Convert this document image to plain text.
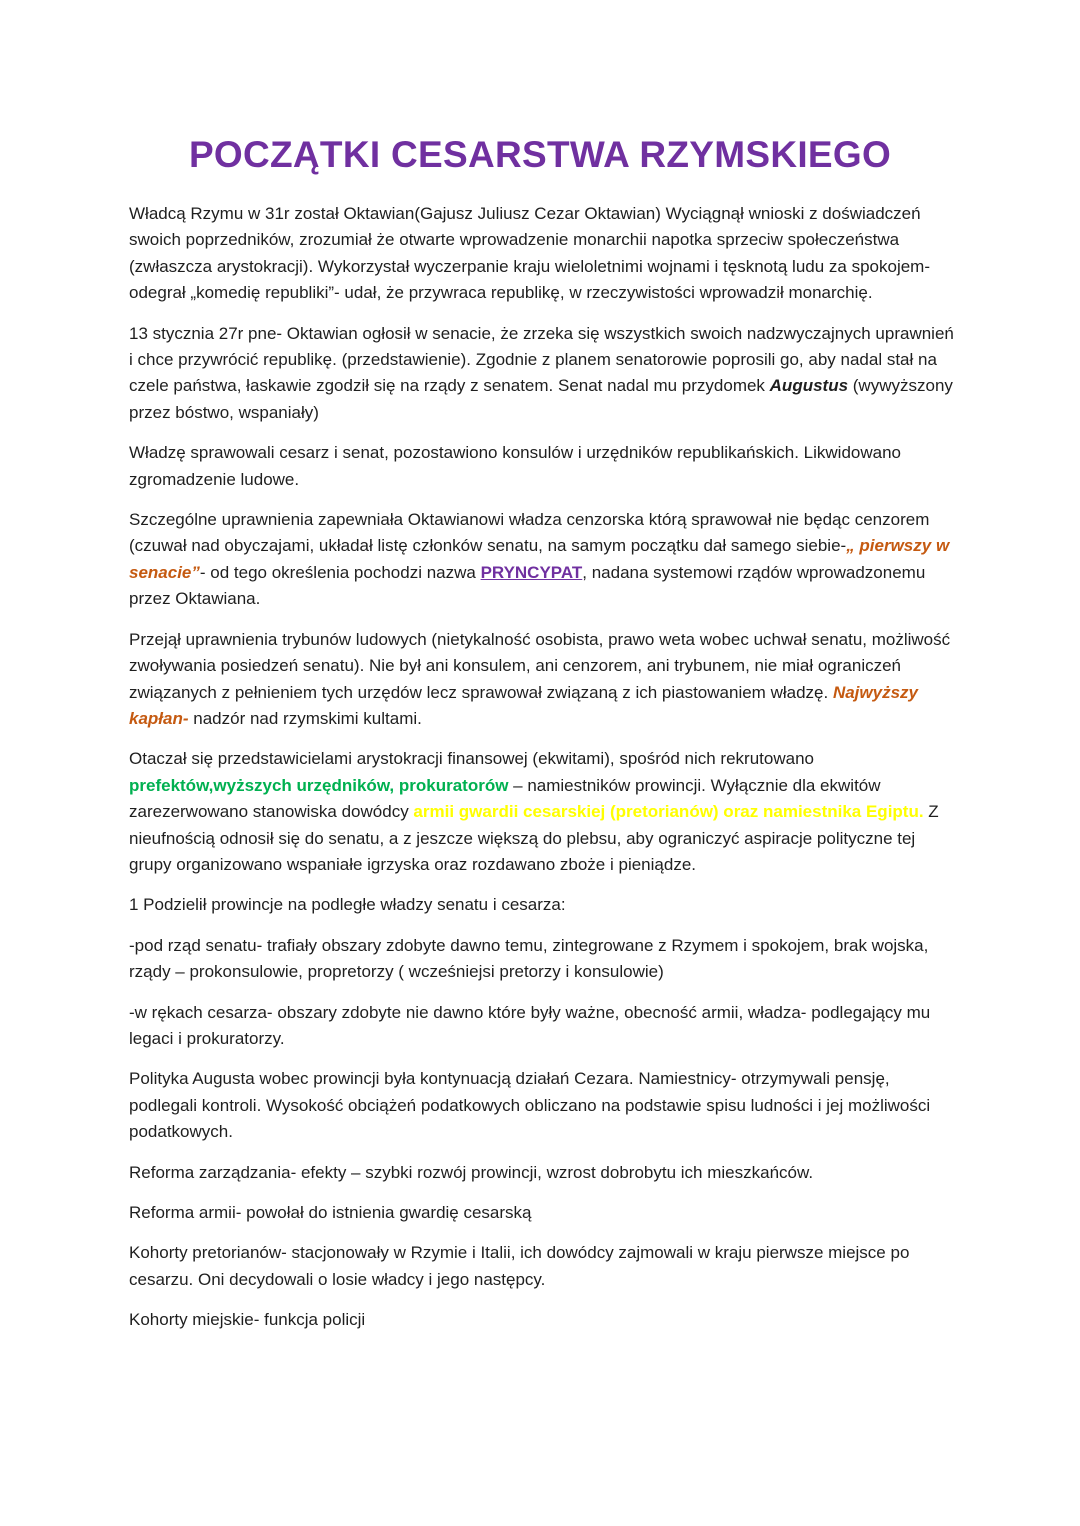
POCZĄTKI CESARSTWA RZYMSKIEGO

Władcą Rzymu w 31r został Oktawian(Gajusz Juliusz Cezar Oktawian) Wyciągnął wnioski z doświadczeń swoich poprzedników, zrozumiał że otwarte wprowadzenie monarchii napotka sprzeciw społeczeństwa (zwłaszcza arystokracji). Wykorzystał wyczerpanie kraju wieloletnimi wojnami i tęsknotą ludu za spokojem- odegrał „komedię republiki”- udał, że przywraca republikę, w rzeczywistości wprowadził monarchię.

13 stycznia 27r pne- Oktawian ogłosił w senacie, że zrzeka się wszystkich swoich nadzwyczajnych uprawnień i chce przywrócić republikę. (przedstawienie). Zgodnie z planem senatorowie poprosili go, aby nadal stał na czele państwa, łaskawie zgodził się na rządy z senatem. Senat nadal mu przydomek Augustus (wywyższony przez bóstwo, wspaniały)

Władzę sprawowali cesarz i senat, pozostawiono konsulów i urzędników republikańskich. Likwidowano zgromadzenie ludowe.

Szczególne uprawnienia zapewniała Oktawianowi władza cenzorska którą sprawował nie będąc cenzorem (czuwał nad obyczajami, układał listę członków senatu, na samym początku dał samego siebie-„ pierwszy w senacie”- od tego określenia pochodzi nazwa PRYNCYPAT, nadana systemowi rządów wprowadzonemu przez Oktawiana.

Przejął uprawnienia trybunów ludowych (nietykalność osobista, prawo weta wobec uchwał senatu, możliwość zwoływania posiedzeń senatu). Nie był ani konsulem, ani cenzorem, ani trybunem, nie miał ograniczeń związanych z pełnieniem tych urzędów lecz sprawował związaną z ich piastowaniem władzę. Najwyższy kapłan- nadzór nad rzymskimi kultami.

Otaczał się przedstawicielami arystokracji finansowej (ekwitami), spośród nich rekrutowano prefektów,wyższych urzędników, prokuratorów – namiestników prowincji. Wyłącznie dla ekwitów zarezerwowano stanowiska dowódcy armii gwardii cesarskiej (pretorianów) oraz namiestnika Egiptu. Z nieufnością odnosił się do senatu, a z jeszcze większą do plebsu, aby ograniczyć aspiracje polityczne tej grupy organizowano wspaniałe igrzyska oraz rozdawano zboże i pieniądze.

1 Podzielił prowincje na podległe władzy senatu i cesarza:

-pod rząd senatu- trafiały obszary zdobyte dawno temu, zintegrowane z Rzymem i spokojem, brak wojska, rządy – prokonsulowie, propretorzy ( wcześniejsi pretorzy i konsulowie)

-w rękach cesarza- obszary zdobyte nie dawno które były ważne, obecność armii, władza- podlegający mu legaci i prokuratorzy.

Polityka Augusta wobec prowincji była kontynuacją działań Cezara. Namiestnicy- otrzymywali pensję, podlegali kontroli. Wysokość obciążeń podatkowych obliczano na podstawie spisu ludności i jej możliwości podatkowych.

Reforma zarządzania- efekty – szybki rozwój prowincji, wzrost dobrobytu ich mieszkańców.

Reforma armii- powołał do istnienia gwardię cesarską

Kohorty pretorianów- stacjonowały w Rzymie i Italii, ich dowódcy zajmowali w kraju pierwsze miejsce po cesarzu. Oni decydowali o losie władcy i jego następcy.

Kohorty miejskie- funkcja policji
